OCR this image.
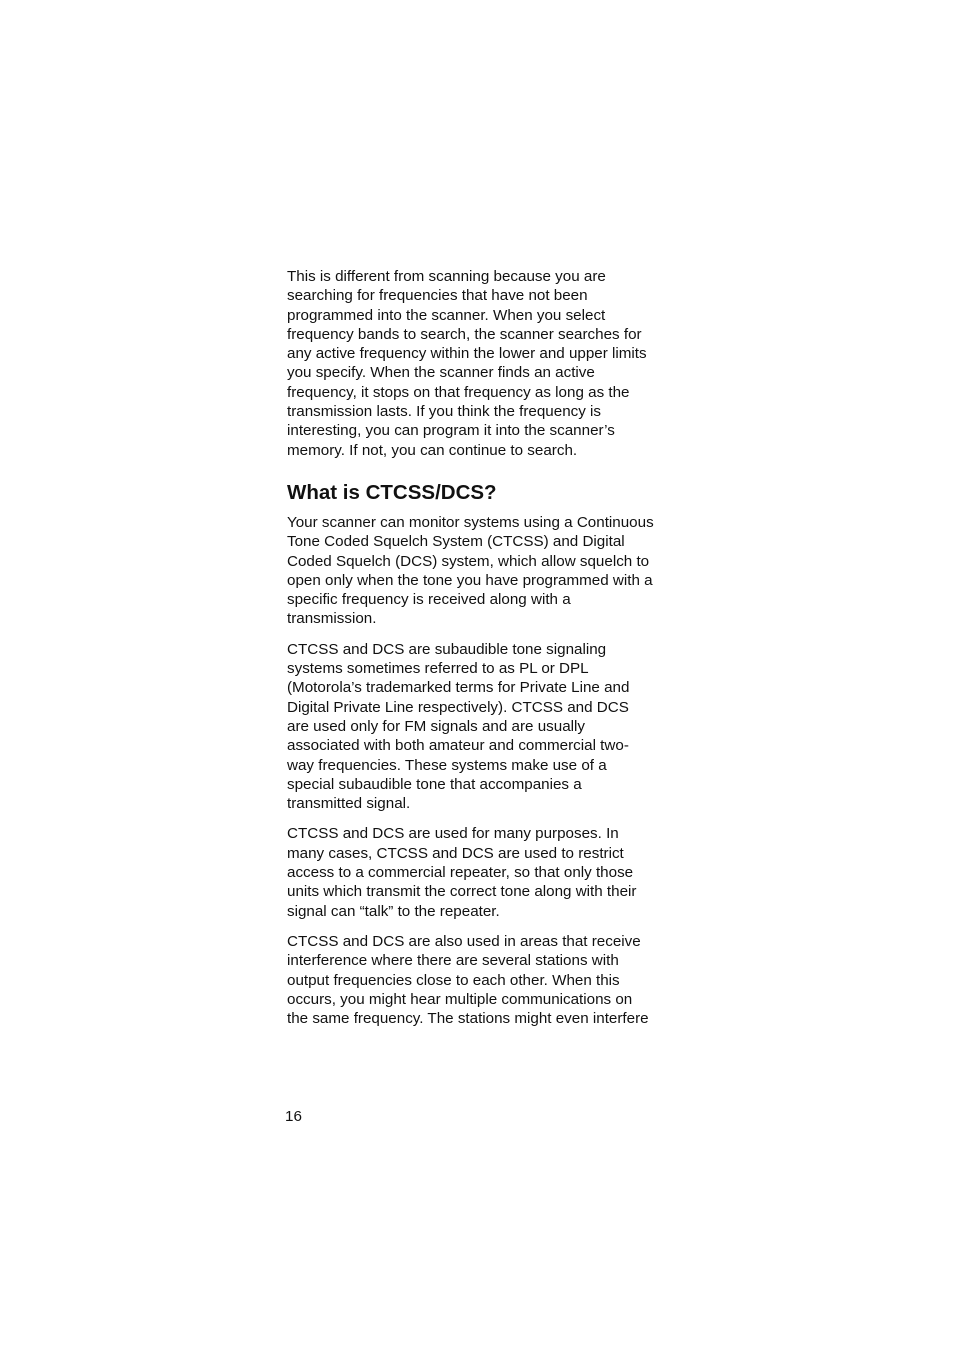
This is different from scanning because you are
searching for frequencies that have not been
programmed into the scanner. When you select
frequency bands to search, the scanner searches for
any active frequency within the lower and upper limits
you specify. When the scanner finds an active
frequency, it stops on that frequency as long as the
transmission lasts. If you think the frequency is
interesting, you can program it into the scanner’s
memory. If not, you can continue to search.

What is CTCSS/DCS?

Your scanner can monitor systems using a Continuous
Tone Coded Squelch System (CTCSS) and Digital
Coded Squelch (DCS) system, which allow squelch to
open only when the tone you have programmed with a
specific frequency is received along with a
transmission.

CTCSS and DCS are subaudible tone signaling
systems sometimes referred to as PL or DPL
(Motorola’s trademarked terms for Private Line and
Digital Private Line respectively). CTCSS and DCS
are used only for FM signals and are usually
associated with both amateur and commercial two-
way frequencies. These systems make use of a
special subaudible tone that accompanies a
transmitted signal.

CTCSS and DCS are used for many purposes. In
many cases, CTCSS and DCS are used to restrict
access to a commercial repeater, so that only those
units which transmit the correct tone along with their
signal can “talk” to the repeater.

CTCSS and DCS are also used in areas that receive
interference where there are several stations with
output frequencies close to each other. When this
occurs, you might hear multiple communications on
the same frequency. The stations might even interfere

16
